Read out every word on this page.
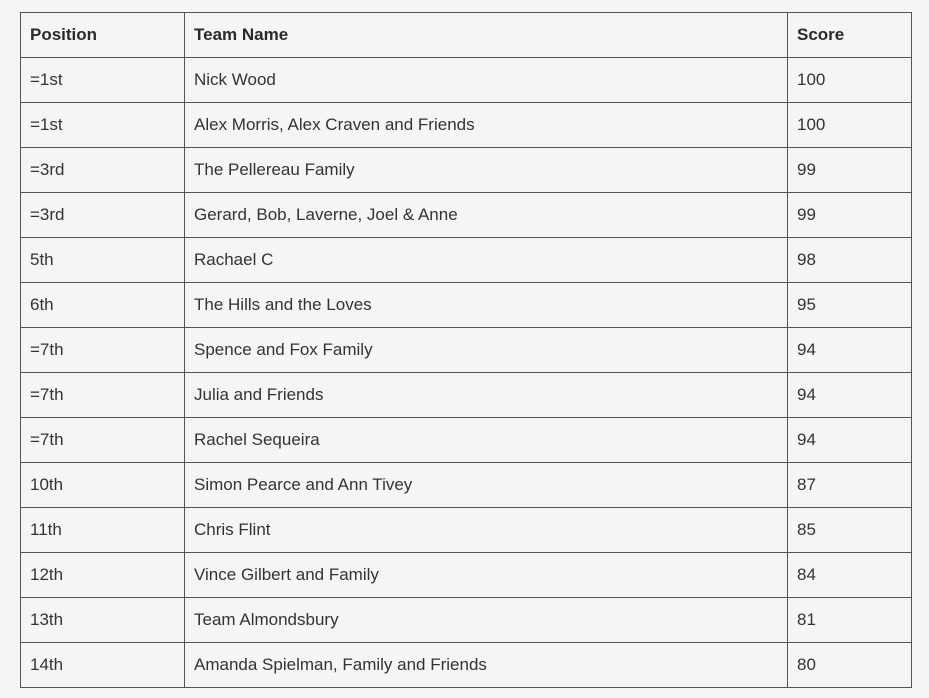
Position	Team Name	Score
=1st	Nick Wood	100
=1st	Alex Morris, Alex Craven and Friends	100
=3rd	The Pellereau Family	99
=3rd	Gerard, Bob, Laverne, Joel & Anne	99
5th	Rachael C	98
6th	The Hills and the Loves	95
=7th	Spence and Fox Family	94
=7th	Julia and Friends	94
=7th	Rachel Sequeira	94
10th	Simon Pearce and Ann Tivey	87
11th	Chris Flint	85
12th	Vince Gilbert and Family	84
13th	Team Almondsbury	81
14th	Amanda Spielman, Family and Friends	80
